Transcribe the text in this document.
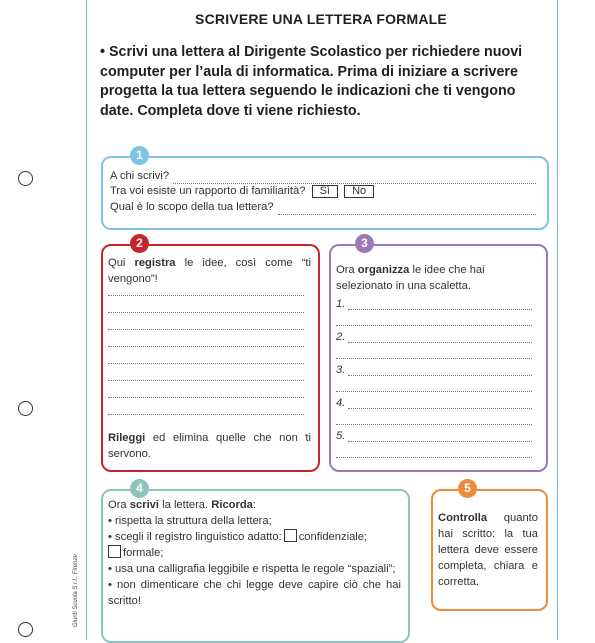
Giunti Scuola S.r.l., Firenze
SCRIVERE UNA LETTERA FORMALE
• Scrivi una lettera al Dirigente Scolastico per richiedere nuovi computer per l’aula di informatica. Prima di iniziare a scrivere progetta la tua lettera seguendo le indicazioni che ti vengono date. Completa dove ti viene richiesto.
1
A chi scrivi?
Tra voi esiste un rapporto di familiarità? Sì No
Qual è lo scopo della tua lettera?
2
Qui registra le idee, così come “ti vengono”!
Rileggi ed elimina quelle che non ti servono.
3
Ora organizza le idee che hai selezionato in una scaletta.
1.
2.
3.
4.
5.
4
Ora scrivi la lettera. Ricorda:
• rispetta la struttura della lettera;
• scegli il registro linguistico adatto: confidenziale;
formale;
• usa una calligrafia leggibile e rispetta le regole “spaziali”;
• non dimenticare che chi legge deve capire ciò che hai scritto!
5
Controlla quanto hai scritto: la tua lettera deve essere completa, chiara e corretta.
